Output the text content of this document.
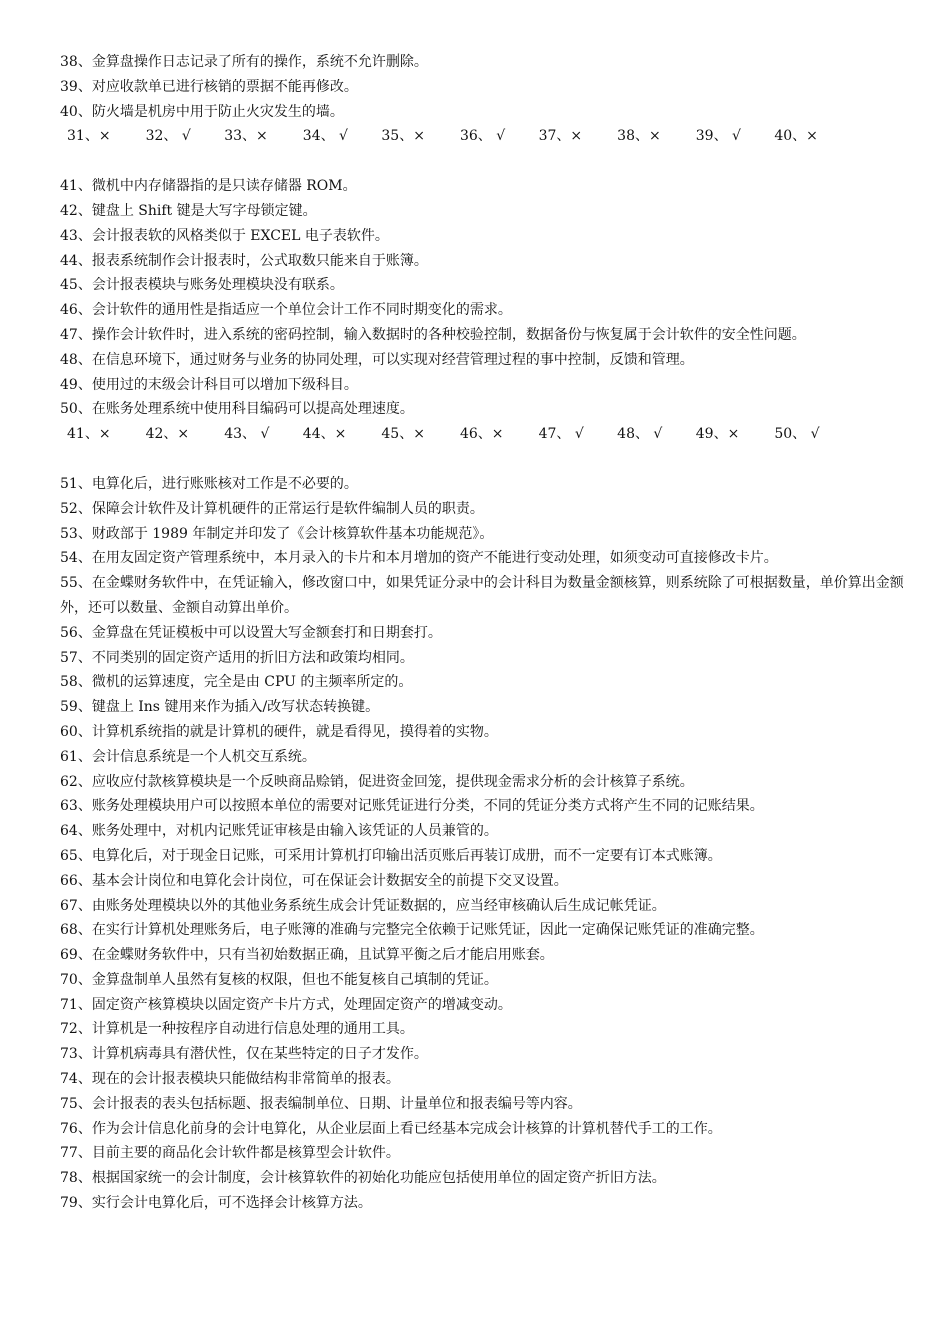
38、金算盘操作日志记录了所有的操作，系统不允许删除。
39、对应收款单已进行核销的票据不能再修改。
40、防火墙是机房中用于防止火灾发生的墙。
31、×	32、 √	33、×	34、 √	35、×	36、 √	37、×	38、×	39、 √	40、×
41、微机中内存储器指的是只读存储器 ROM。
42、键盘上 Shift 键是大写字母锁定键。
43、会计报表软的风格类似于 EXCEL 电子表软件。
44、报表系统制作会计报表时，公式取数只能来自于账簿。
45、会计报表模块与账务处理模块没有联系。
46、会计软件的通用性是指适应一个单位会计工作不同时期变化的需求。
47、操作会计软件时，进入系统的密码控制，输入数据时的各种校验控制，数据备份与恢复属于会计软件的安全性问题。
48、在信息环境下，通过财务与业务的协同处理，可以实现对经营管理过程的事中控制，反馈和管理。
49、使用过的末级会计科目可以增加下级科目。
50、在账务处理系统中使用科目编码可以提高处理速度。
41、×	42、×	43、 √	44、×	45、×	46、×	47、 √	48、 √	49、×	50、 √
51、电算化后，进行账账核对工作是不必要的。
52、保障会计软件及计算机硬件的正常运行是软件编制人员的职责。
53、财政部于 1989 年制定并印发了《会计核算软件基本功能规范》。
54、在用友固定资产管理系统中，本月录入的卡片和本月增加的资产不能进行变动处理，如须变动可直接修改卡片。
55、在金蝶财务软件中，在凭证输入，修改窗口中，如果凭证分录中的会计科目为数量金额核算，则系统除了可根据数量，单价算出金额外，还可以数量、金额自动算出单价。
56、金算盘在凭证模板中可以设置大写金额套打和日期套打。
57、不同类别的固定资产适用的折旧方法和政策均相同。
58、微机的运算速度，完全是由 CPU 的主频率所定的。
59、键盘上 Ins 键用来作为插入/改写状态转换键。
60、计算机系统指的就是计算机的硬件，就是看得见，摸得着的实物。
61、会计信息系统是一个人机交互系统。
62、应收应付款核算模块是一个反映商品赊销，促进资金回笼，提供现金需求分析的会计核算子系统。
63、账务处理模块用户可以按照本单位的需要对记账凭证进行分类，不同的凭证分类方式将产生不同的记账结果。
64、账务处理中，对机内记账凭证审核是由输入该凭证的人员兼管的。
65、电算化后，对于现金日记账，可采用计算机打印输出活页账后再装订成册，而不一定要有订本式账簿。
66、基本会计岗位和电算化会计岗位，可在保证会计数据安全的前提下交叉设置。
67、由账务处理模块以外的其他业务系统生成会计凭证数据的，应当经审核确认后生成记帐凭证。
68、在实行计算机处理账务后，电子账簿的准确与完整完全依赖于记账凭证，因此一定确保记账凭证的准确完整。
69、在金蝶财务软件中，只有当初始数据正确，且试算平衡之后才能启用账套。
70、金算盘制单人虽然有复核的权限，但也不能复核自己填制的凭证。
71、固定资产核算模块以固定资产卡片方式，处理固定资产的增减变动。
72、计算机是一种按程序自动进行信息处理的通用工具。
73、计算机病毒具有潜伏性，仅在某些特定的日子才发作。
74、现在的会计报表模块只能做结构非常简单的报表。
75、会计报表的表头包括标题、报表编制单位、日期、计量单位和报表编号等内容。
76、作为会计信息化前身的会计电算化，从企业层面上看已经基本完成会计核算的计算机替代手工的工作。
77、目前主要的商品化会计软件都是核算型会计软件。
78、根据国家统一的会计制度，会计核算软件的初始化功能应包括使用单位的固定资产折旧方法。
79、实行会计电算化后，可不选择会计核算方法。
